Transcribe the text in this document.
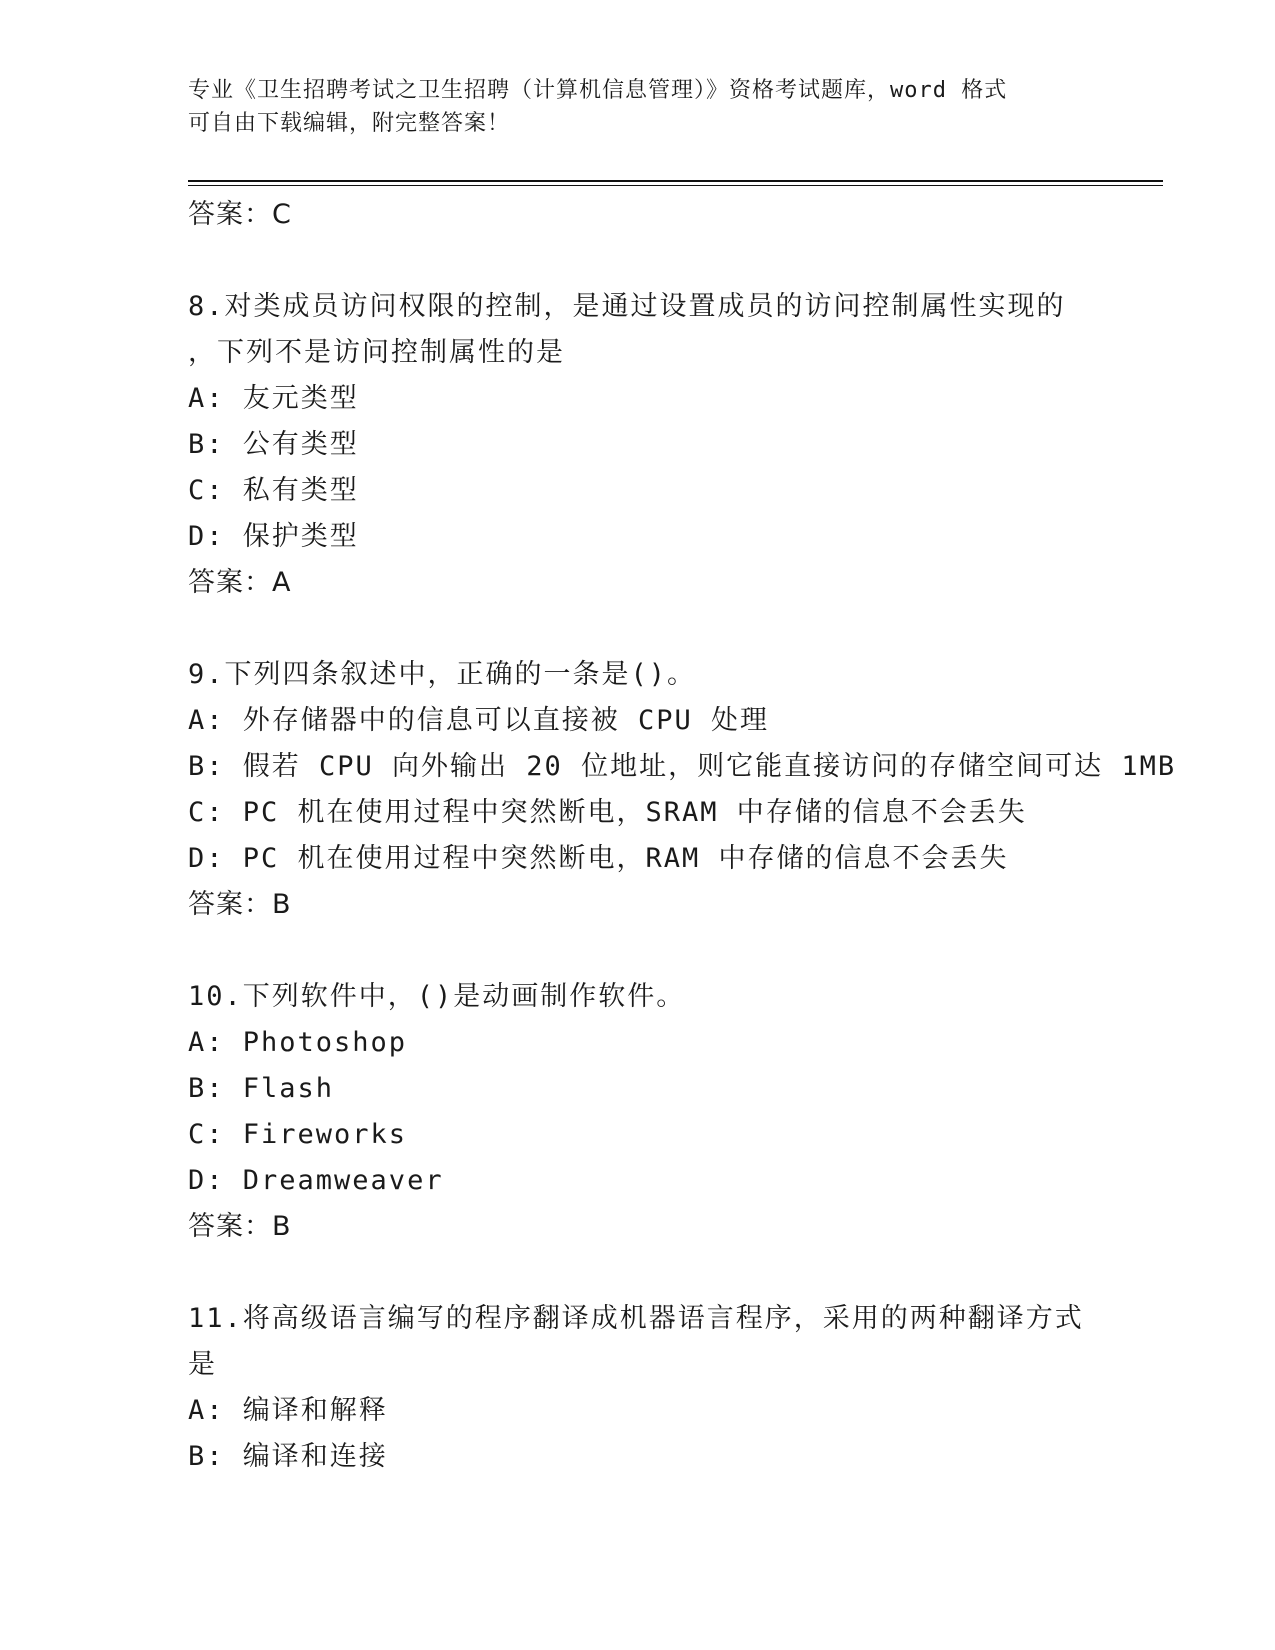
专业《卫生招聘考试之卫生招聘（计算机信息管理）》资格考试题库，word 格式
可自由下载编辑，附完整答案！
答案：C
8.对类成员访问权限的控制，是通过设置成员的访问控制属性实现的
，下列不是访问控制属性的是
A: 友元类型
B: 公有类型
C: 私有类型
D: 保护类型
答案：A
9.下列四条叙述中，正确的一条是()。
A: 外存储器中的信息可以直接被 CPU 处理
B: 假若 CPU 向外输出 20 位地址，则它能直接访问的存储空间可达 1MB
C: PC 机在使用过程中突然断电，SRAM 中存储的信息不会丢失
D: PC 机在使用过程中突然断电，RAM 中存储的信息不会丢失
答案：B
10.下列软件中，()是动画制作软件。
A: Photoshop
B: Flash
C: Fireworks
D: Dreamweaver
答案：B
11.将高级语言编写的程序翻译成机器语言程序，采用的两种翻译方式
是
A: 编译和解释
B: 编译和连接
